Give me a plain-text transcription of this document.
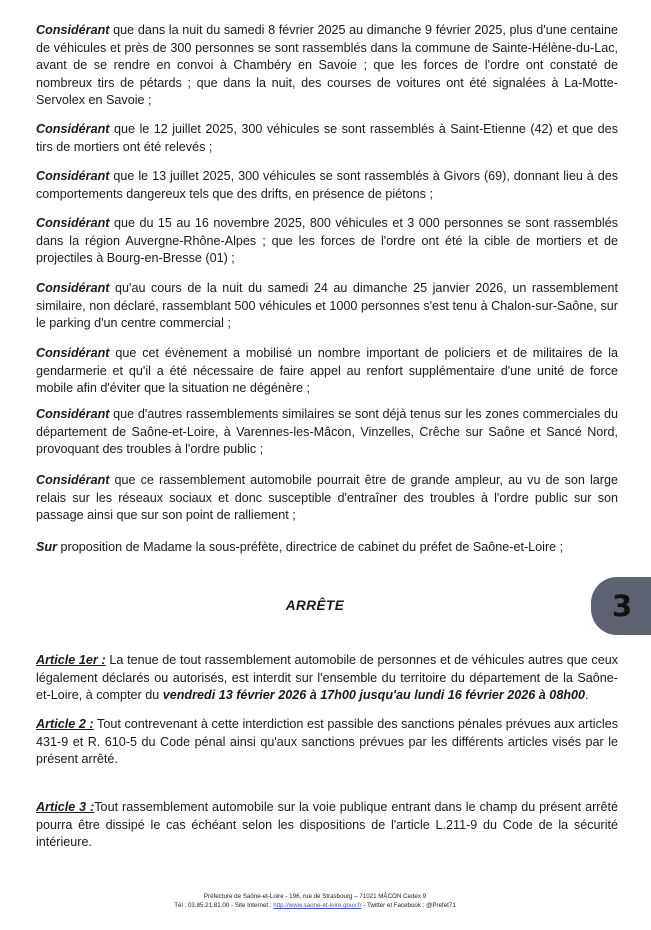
Considérant que dans la nuit du samedi 8 février 2025 au dimanche 9 février 2025, plus d'une centaine de véhicules et près de 300 personnes se sont rassemblés dans la commune de Sainte-Hélène-du-Lac, avant de se rendre en convoi à Chambéry en Savoie ; que les forces de l'ordre ont constaté de nombreux tirs de pétards ; que dans la nuit, des courses de voitures ont été signalées à La-Motte-Servolex en Savoie ;

Considérant que le 12 juillet 2025, 300 véhicules se sont rassemblés à Saint-Etienne (42) et que des tirs de mortiers ont été relevés ;

Considérant que le 13 juillet 2025, 300 véhicules se sont rassemblés à Givors (69), donnant lieu à des comportements dangereux tels que des drifts, en présence de piétons ;

Considérant que du 15 au 16 novembre 2025, 800 véhicules et 3 000 personnes se sont rassemblés dans la région Auvergne-Rhône-Alpes ; que les forces de l'ordre ont été la cible de mortiers et de projectiles à Bourg-en-Bresse (01) ;

Considérant qu'au cours de la nuit du samedi 24 au dimanche 25 janvier 2026, un rassemblement similaire, non déclaré, rassemblant 500 véhicules et 1000 personnes s'est tenu à Chalon-sur-Saône, sur le parking d'un centre commercial ;

Considérant que cet évènement a mobilisé un nombre important de policiers et de militaires de la gendarmerie et qu'il a été nécessaire de faire appel au renfort supplémentaire d'une unité de force mobile afin d'éviter que la situation ne dégénère ;

Considérant que d'autres rassemblements similaires se sont déjà tenus sur les zones commerciales du département de Saône-et-Loire, à Varennes-les-Mâcon, Vinzelles, Crêche sur Saône et Sancé Nord, provoquant des troubles à l'ordre public ;

Considérant que ce rassemblement automobile pourrait être de grande ampleur, au vu de son large relais sur les réseaux sociaux et donc susceptible d'entraîner des troubles à l'ordre public sur son passage ainsi que sur son point de ralliement ;

Sur proposition de Madame la sous-préfète, directrice de cabinet du préfet de Saône-et-Loire ;

ARRÊTE	3

Article 1er : La tenue de tout rassemblement automobile de personnes et de véhicules autres que ceux légalement déclarés ou autorisés, est interdit sur l'ensemble du territoire du département de la Saône-et-Loire, à compter du vendredi 13 février 2026 à 17h00 jusqu'au lundi 16 février 2026 à 08h00.

Article 2 : Tout contrevenant à cette interdiction est passible des sanctions pénales prévues aux articles 431-9 et R. 610-5 du Code pénal ainsi qu'aux sanctions prévues par les différents articles visés par le présent arrêté.

Article 3 :Tout rassemblement automobile sur la voie publique entrant dans le champ du présent arrêté pourra être dissipé le cas échéant selon les dispositions de l'article L.211-9 du Code de la sécurité intérieure.

Préfecture de Saône-et-Loire - 196, rue de Strasbourg – 71021 MÂCON Cedex 9
Tél : 03.85.21.81.00 - Site Internet : http://www.saone-et-loire.gouv.fr - Twitter et Facebook : @Prefet71
